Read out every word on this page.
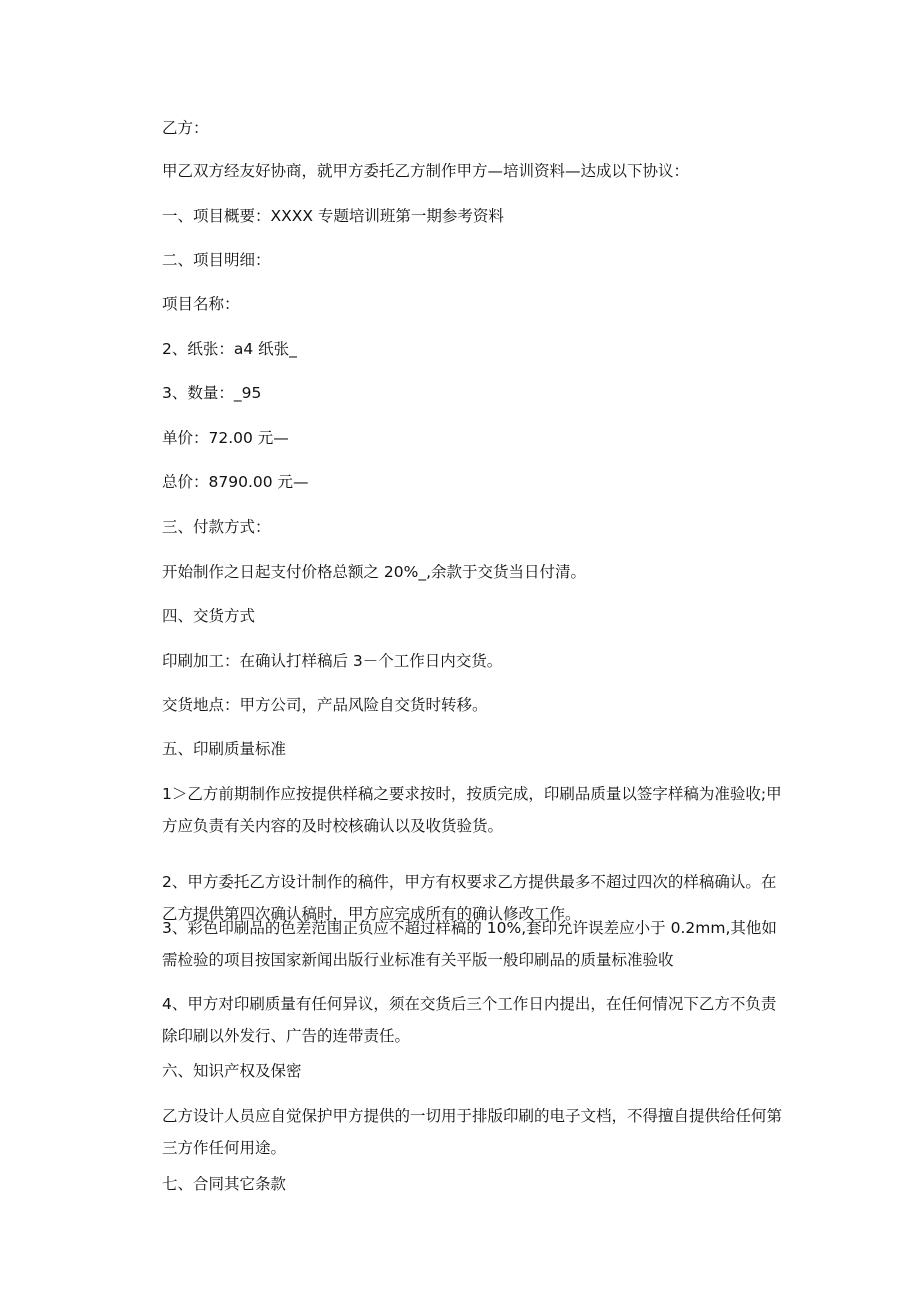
乙方：
甲乙双方经友好协商，就甲方委托乙方制作甲方—培训资料—达成以下协议：
一、项目概要：XXXX 专题培训班第一期参考资料
二、项目明细：
项目名称：
2、纸张：a4 纸张_
3、数量：_95
单价：72.00 元—
总价：8790.00 元—
三、付款方式：
开始制作之日起支付价格总额之 20%_,余款于交货当日付清。
四、交货方式
印刷加工：在确认打样稿后 3－个工作日内交货。
交货地点：甲方公司，产品风险自交货时转移。
五、印刷质量标准
1＞乙方前期制作应按提供样稿之要求按时，按质完成，印刷品质量以签字样稿为准验收;甲方应负责有关内容的及时校核确认以及收货验货。
2、甲方委托乙方设计制作的稿件，甲方有权要求乙方提供最多不超过四次的样稿确认。在乙方提供第四次确认稿时，甲方应完成所有的确认修改工作。
3、彩色印刷品的色差范围正负应不超过样稿的 10%,套印允许误差应小于 0.2mm,其他如需检验的项目按国家新闻出版行业标准有关平版一般印刷品的质量标准验收
4、甲方对印刷质量有任何异议，须在交货后三个工作日内提出，在任何情况下乙方不负责除印刷以外发行、广告的连带责任。
六、知识产权及保密
乙方设计人员应自觉保护甲方提供的一切用于排版印刷的电子文档，不得擅自提供给任何第三方作任何用途。
七、合同其它条款
